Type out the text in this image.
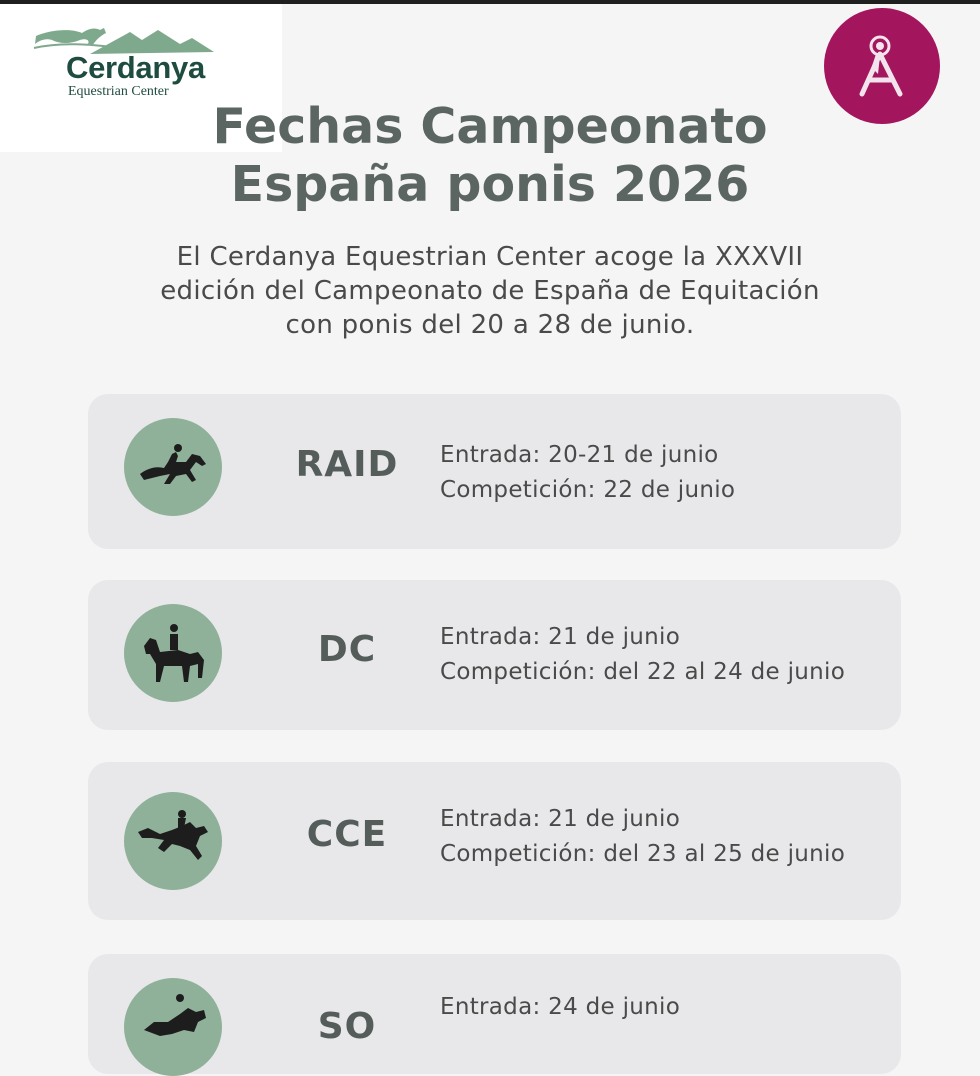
Cerdanya
Equestrian Center
Fechas Campeonato
España ponis 2026
El Cerdanya Equestrian Center acoge la XXXVII
edición del Campeonato de España de Equitación
con ponis del 20 a 28 de junio.
RAID	Entrada: 20-21 de junio
Competición: 22 de junio
DC	Entrada: 21 de junio
Competición: del 22 al 24 de junio
CCE	Entrada: 21 de junio
Competición: del 23 al 25 de junio
SO	Entrada: 24 de junio
